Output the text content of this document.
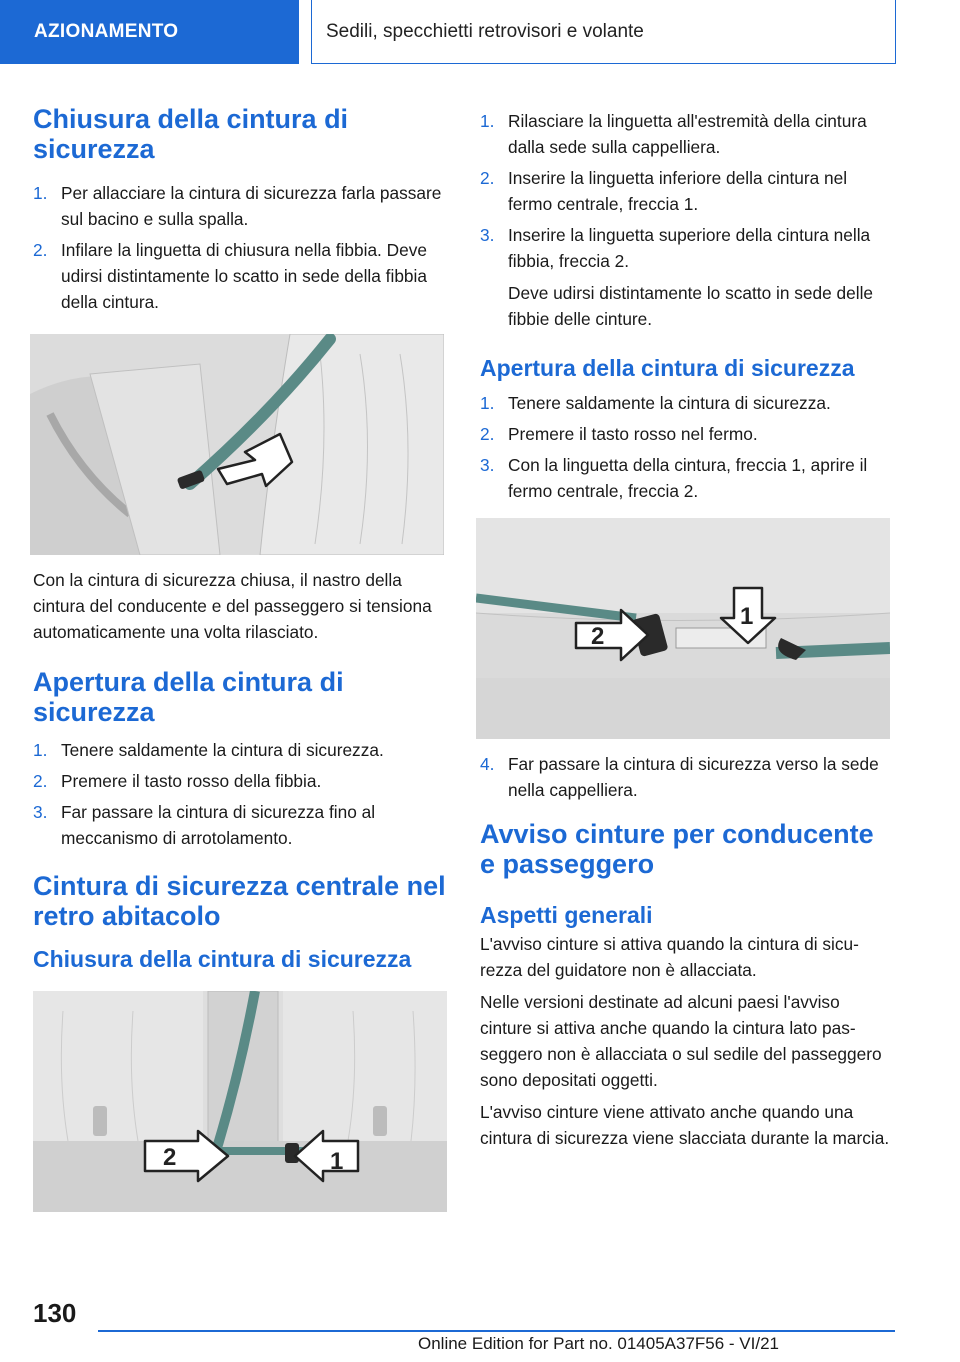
AZIONAMENTO	Sedili, specchietti retrovisori e volante
Chiusura della cintura di sicurezza
1. Per allacciare la cintura di sicurezza farla passare sul bacino e sulla spalla.
2. Infilare la linguetta di chiusura nella fibbia. Deve udirsi distintamente lo scatto in sede della fibbia della cintura.

Con la cintura di sicurezza chiusa, il nastro della cintura del conducente e del passeggero si tensiona automaticamente una volta rilasciato.

Apertura della cintura di sicurezza
1. Tenere saldamente la cintura di sicurezza.
2. Premere il tasto rosso della fibbia.
3. Far passare la cintura di sicurezza fino al meccanismo di arrotolamento.
Cintura di sicurezza centrale nel retro abitacolo
Chiusura della cintura di sicurezza
2	1
1. Rilasciare la linguetta all'estremità della cintura dalla sede sulla cappelliera.
2. Inserire la linguetta inferiore della cintura nel fermo centrale, freccia 1.
3. Inserire la linguetta superiore della cintura nella fibbia, freccia 2.

Deve udirsi distintamente lo scatto in sede delle fibbie delle cinture.

Apertura della cintura di sicurezza
1. Tenere saldamente la cintura di sicurezza.
2. Premere il tasto rosso nel fermo.
3. Con la linguetta della cintura, freccia 1, aprire il fermo centrale, freccia 2.
2
1
4. Far passare la cintura di sicurezza verso la sede nella cappelliera.
Avviso cinture per conducente e passeggero
Aspetti generali

L'avviso cinture si attiva quando la cintura di sicurezza del guidatore non è allacciata.

Nelle versioni destinate ad alcuni paesi l'avviso cinture si attiva anche quando la cintura lato passeggero non è allacciata o sul sedile del passeggero sono depositati oggetti.

L'avviso cinture viene attivato anche quando una cintura di sicurezza viene slacciata durante la marcia.

130
Online Edition for Part no. 01405A37F56 - VI/21
